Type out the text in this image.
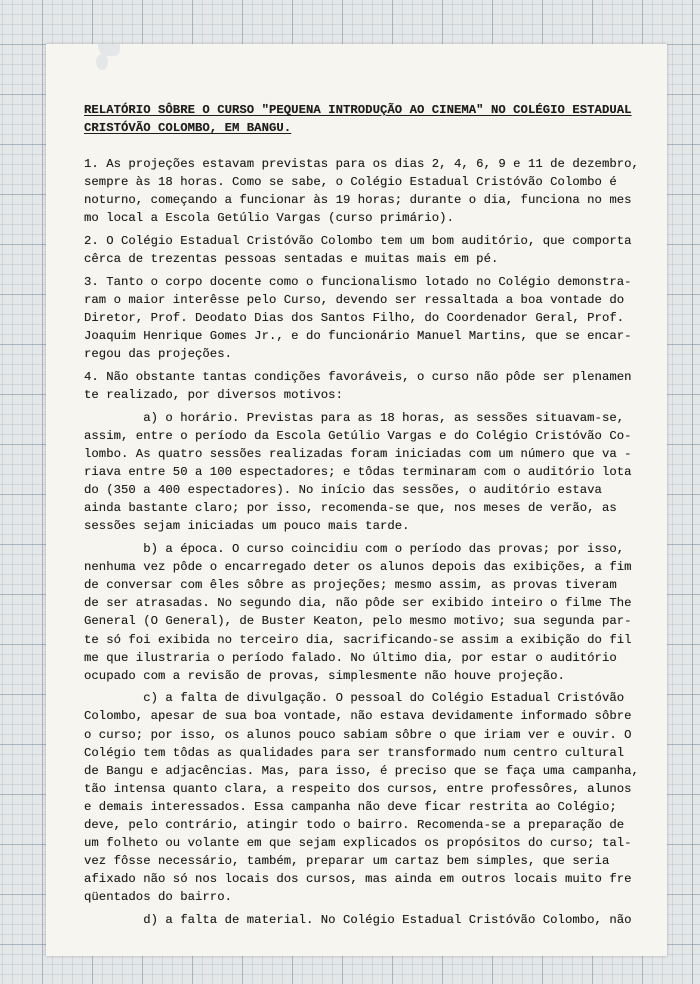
RELATÓRIO SÔBRE O CURSO "PEQUENA INTRODUÇÃO AO CINEMA" NO COLÉGIO ESTADUAL
CRISTÓVÃO COLOMBO, EM BANGU.
1. As projeções estavam previstas para os dias 2, 4, 6, 9 e 11 de dezembro,
sempre às 18 horas. Como se sabe, o Colégio Estadual Cristóvão Colombo é
noturno, começando a funcionar às 19 horas; durante o dia, funciona no mes
mo local a Escola Getúlio Vargas (curso primário).
2. O Colégio Estadual Cristóvão Colombo tem um bom auditório, que comporta
cêrca de trezentas pessoas sentadas e muitas mais em pé.
3. Tanto o corpo docente como o funcionalismo lotado no Colégio demonstra-
ram o maior interêsse pelo Curso, devendo ser ressaltada a boa vontade do
Diretor, Prof. Deodato Dias dos Santos Filho, do Coordenador Geral, Prof.
Joaquim Henrique Gomes Jr., e do funcionário Manuel Martins, que se encar-
regou das projeções.
4. Não obstante tantas condições favoráveis, o curso não pôde ser plenamen
te realizado, por diversos motivos:
a) o horário. Previstas para as 18 horas, as sessões situavam-se,
assim, entre o período da Escola Getúlio Vargas e do Colégio Cristóvão Co-
lombo. As quatro sessões realizadas foram iniciadas com um número que va -
riava entre 50 a 100 espectadores; e tôdas terminaram com o auditório lota
do (350 a 400 espectadores). No início das sessões, o auditório estava
ainda bastante claro; por isso, recomenda-se que, nos meses de verão, as
sessões sejam iniciadas um pouco mais tarde.
b) a época. O curso coincidiu com o período das provas; por isso,
nenhuma vez pôde o encarregado deter os alunos depois das exibições, a fim
de conversar com êles sôbre as projeções; mesmo assim, as provas tiveram
de ser atrasadas. No segundo dia, não pôde ser exibido inteiro o filme The
General (O General), de Buster Keaton, pelo mesmo motivo; sua segunda par-
te só foi exibida no terceiro dia, sacrificando-se assim a exibição do fil
me que ilustraria o período falado. No último dia, por estar o auditório
ocupado com a revisão de provas, simplesmente não houve projeção.
c) a falta de divulgação. O pessoal do Colégio Estadual Cristóvão
Colombo, apesar de sua boa vontade, não estava devidamente informado sôbre
o curso; por isso, os alunos pouco sabiam sôbre o que iriam ver e ouvir. O
Colégio tem tôdas as qualidades para ser transformado num centro cultural
de Bangu e adjacências. Mas, para isso, é preciso que se faça uma campanha,
tão intensa quanto clara, a respeito dos cursos, entre professôres, alunos
e demais interessados. Essa campanha não deve ficar restrita ao Colégio;
deve, pelo contrário, atingir todo o bairro. Recomenda-se a preparação de
um folheto ou volante em que sejam explicados os propósitos do curso; tal-
vez fôsse necessário, também, preparar um cartaz bem simples, que seria
afixado não só nos locais dos cursos, mas ainda em outros locais muito fre
qüentados do bairro.
d) a falta de material. No Colégio Estadual Cristóvão Colombo, não
